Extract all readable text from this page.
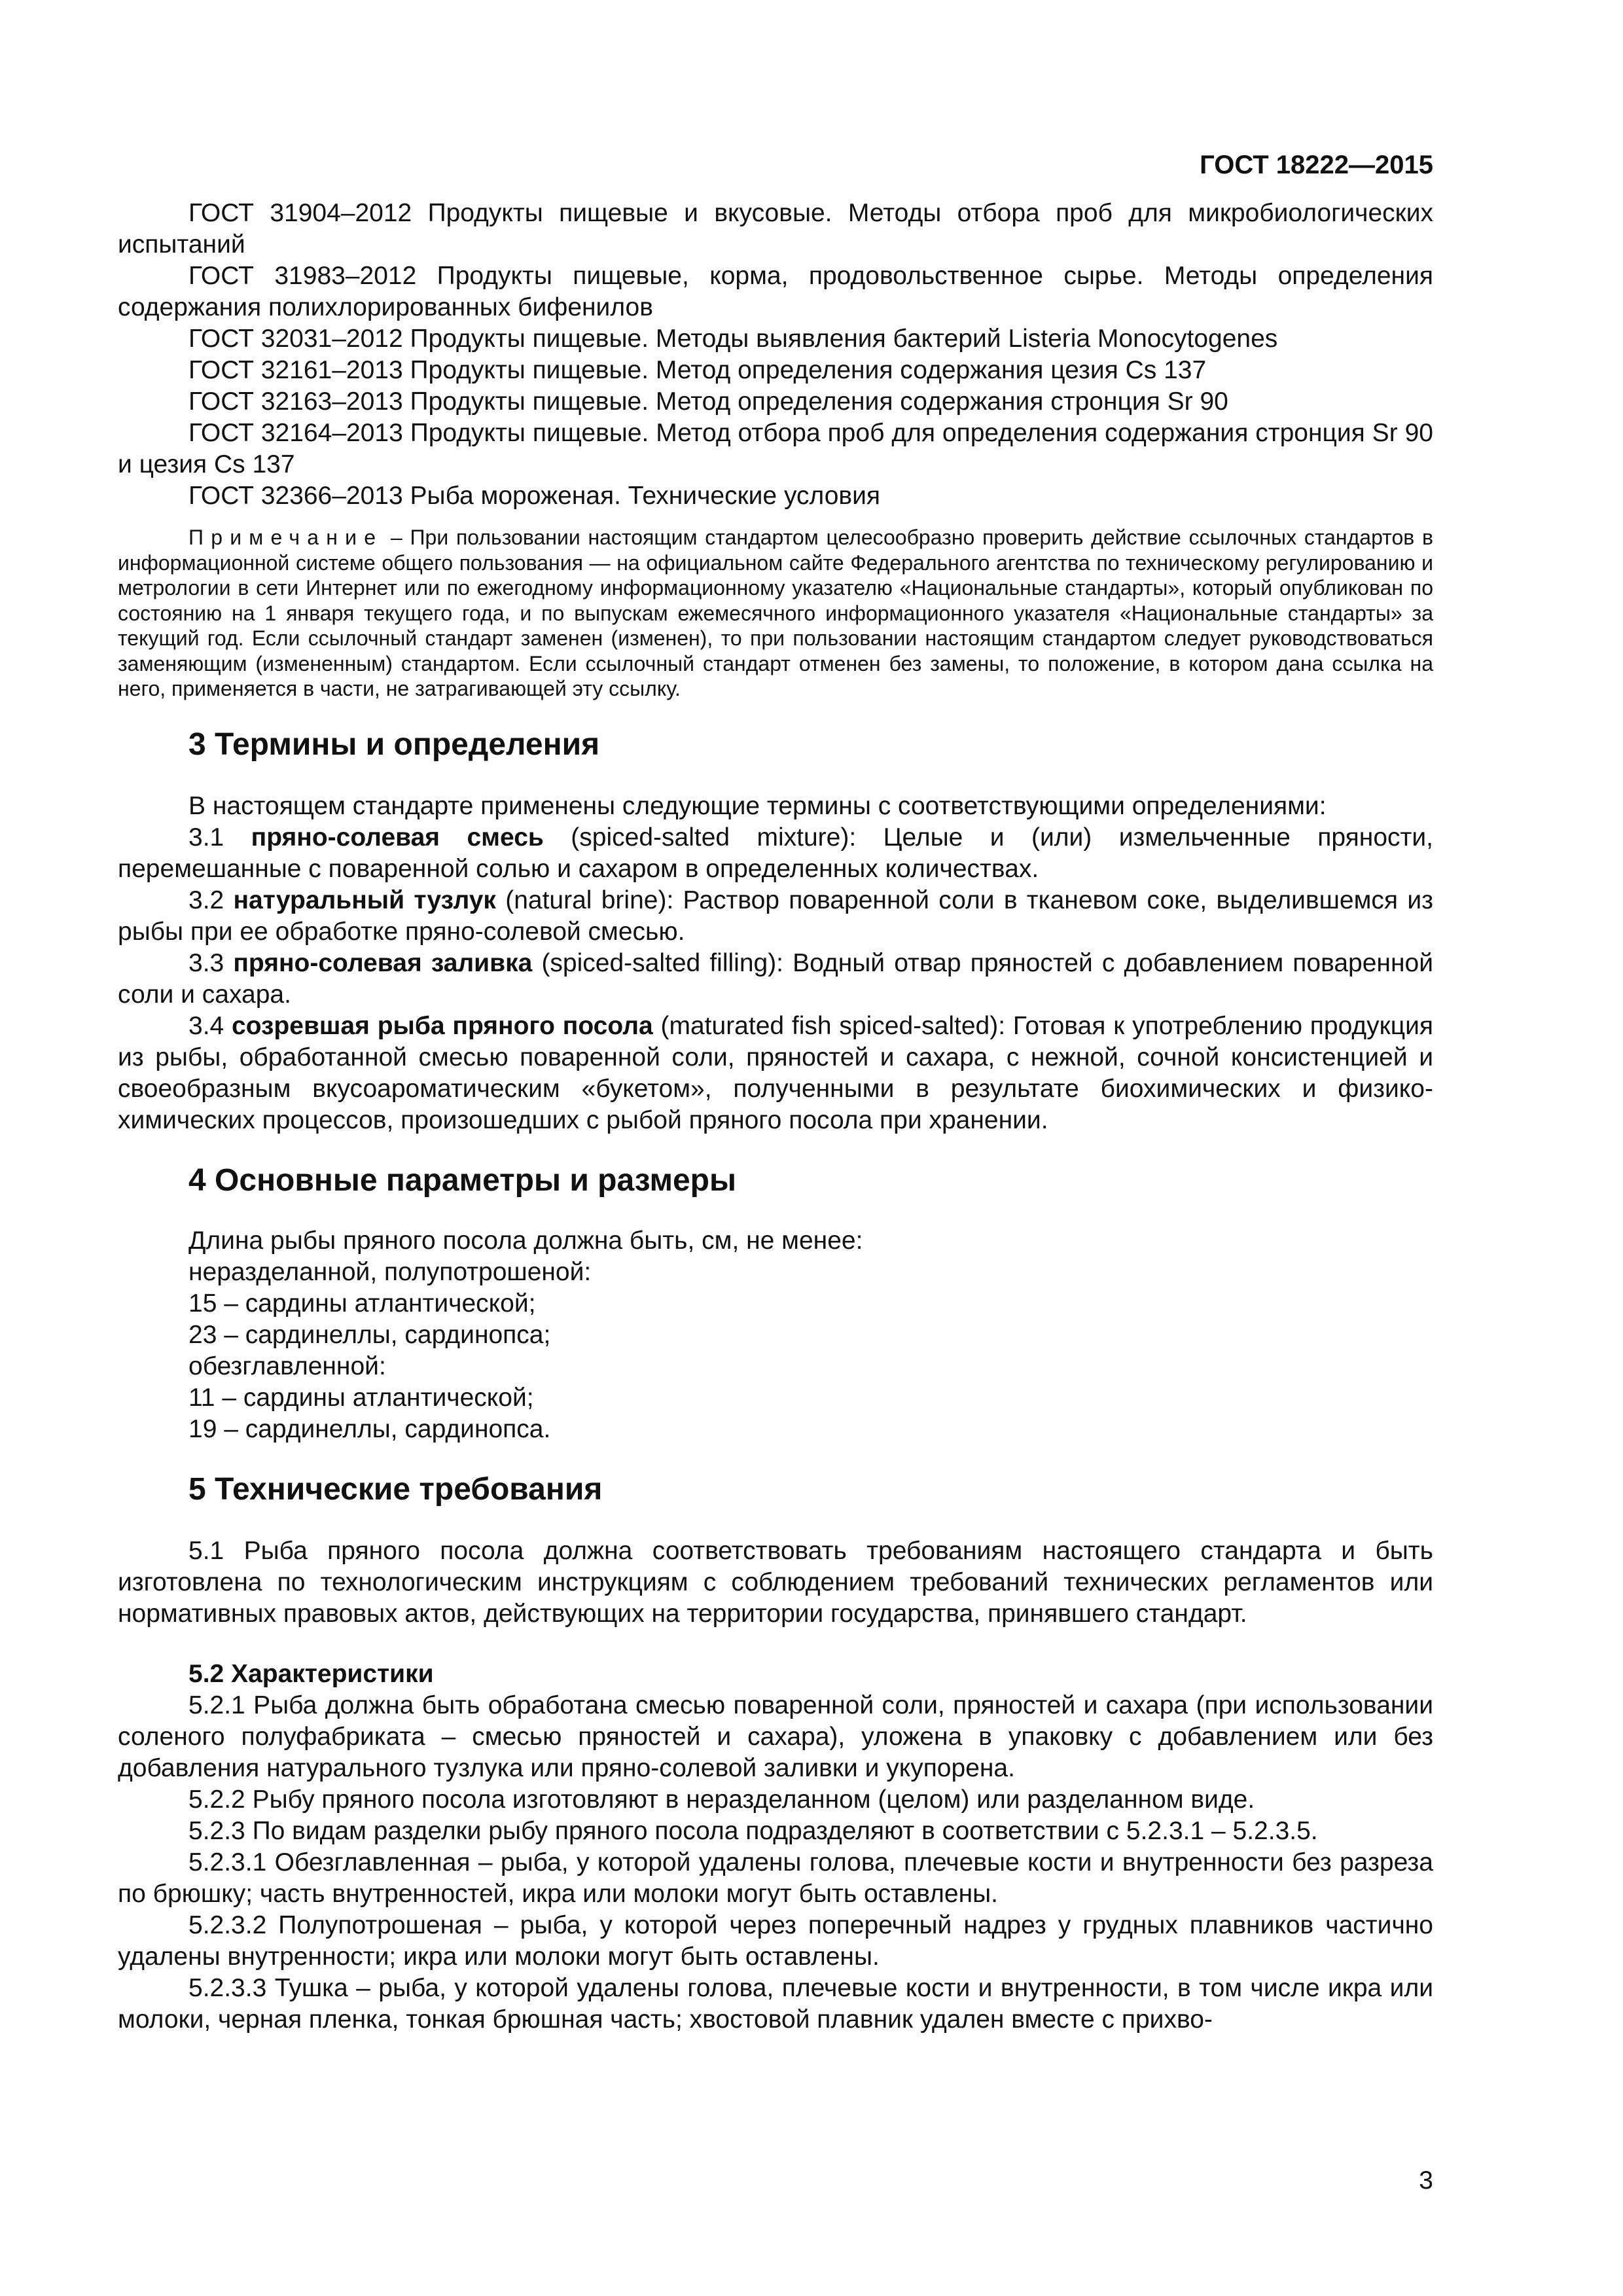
ГОСТ 18222—2015

ГОСТ 31904–2012 Продукты пищевые и вкусовые. Методы отбора проб для микробиологических испытаний

ГОСТ 31983–2012 Продукты пищевые, корма, продовольственное сырье. Методы определения содержания полихлорированных бифенилов

ГОСТ 32031–2012 Продукты пищевые. Методы выявления бактерий Listeria Monocytogenes

ГОСТ 32161–2013 Продукты пищевые. Метод определения содержания цезия Cs 137

ГОСТ 32163–2013 Продукты пищевые. Метод определения содержания стронция Sr 90

ГОСТ 32164–2013 Продукты пищевые. Метод отбора проб для определения содержания стронция Sr 90 и цезия Cs 137

ГОСТ 32366–2013 Рыба мороженая. Технические условия

Примечание – При пользовании настоящим стандартом целесообразно проверить действие ссылочных стандартов в информационной системе общего пользования — на официальном сайте Федерального агентства по техническому регулированию и метрологии в сети Интернет или по ежегодному информационному указателю «Национальные стандарты», который опубликован по состоянию на 1 января текущего года, и по выпускам ежемесячного информационного указателя «Национальные стандарты» за текущий год. Если ссылочный стандарт заменен (изменен), то при пользовании настоящим стандартом следует руководствоваться заменяющим (измененным) стандартом. Если ссылочный стандарт отменен без замены, то положение, в котором дана ссылка на него, применяется в части, не затрагивающей эту ссылку.

3 Термины и определения

В настоящем стандарте применены следующие термины с соответствующими определениями:

3.1 пряно-солевая смесь (spiced-salted mixture): Целые и (или) измельченные пряности, перемешанные с поваренной солью и сахаром в определенных количествах.

3.2 натуральный тузлук (natural brine): Раствор поваренной соли в тканевом соке, выделившемся из рыбы при ее обработке пряно-солевой смесью.

3.3 пряно-солевая заливка (spiced-salted filling): Водный отвар пряностей с добавлением поваренной соли и сахара.

3.4 созревшая рыба пряного посола (maturated fish spiced-salted): Готовая к употреблению продукция из рыбы, обработанной смесью поваренной соли, пряностей и сахара, с нежной, сочной консистенцией и своеобразным вкусоароматическим «букетом», полученными в результате биохимических и физико-химических процессов, произошедших с рыбой пряного посола при хранении.

4 Основные параметры и размеры

Длина рыбы пряного посола должна быть, см, не менее:

неразделанной, полупотрошеной:

15 – сардины атлантической;

23 – сардинеллы, сардинопса;

обезглавленной:

11 – сардины атлантической;

19 – сардинеллы, сардинопса.

5 Технические требования

5.1 Рыба пряного посола должна соответствовать требованиям настоящего стандарта и быть изготовлена по технологическим инструкциям с соблюдением требований технических регламентов или нормативных правовых актов, действующих на территории государства, принявшего стандарт.

5.2 Характеристики

5.2.1 Рыба должна быть обработана смесью поваренной соли, пряностей и сахара (при использовании соленого полуфабриката – смесью пряностей и сахара), уложена в упаковку с добавлением или без добавления натурального тузлука или пряно-солевой заливки и укупорена.

5.2.2 Рыбу пряного посола изготовляют в неразделанном (целом) или разделанном виде.

5.2.3 По видам разделки рыбу пряного посола подразделяют в соответствии с 5.2.3.1 – 5.2.3.5.

5.2.3.1 Обезглавленная – рыба, у которой удалены голова, плечевые кости и внутренности без разреза по брюшку; часть внутренностей, икра или молоки могут быть оставлены.

5.2.3.2 Полупотрошеная – рыба, у которой через поперечный надрез у грудных плавников частично удалены внутренности; икра или молоки могут быть оставлены.

5.2.3.3 Тушка – рыба, у которой удалены голова, плечевые кости и внутренности, в том числе икра или молоки, черная пленка, тонкая брюшная часть; хвостовой плавник удален вместе с прихво-

3
